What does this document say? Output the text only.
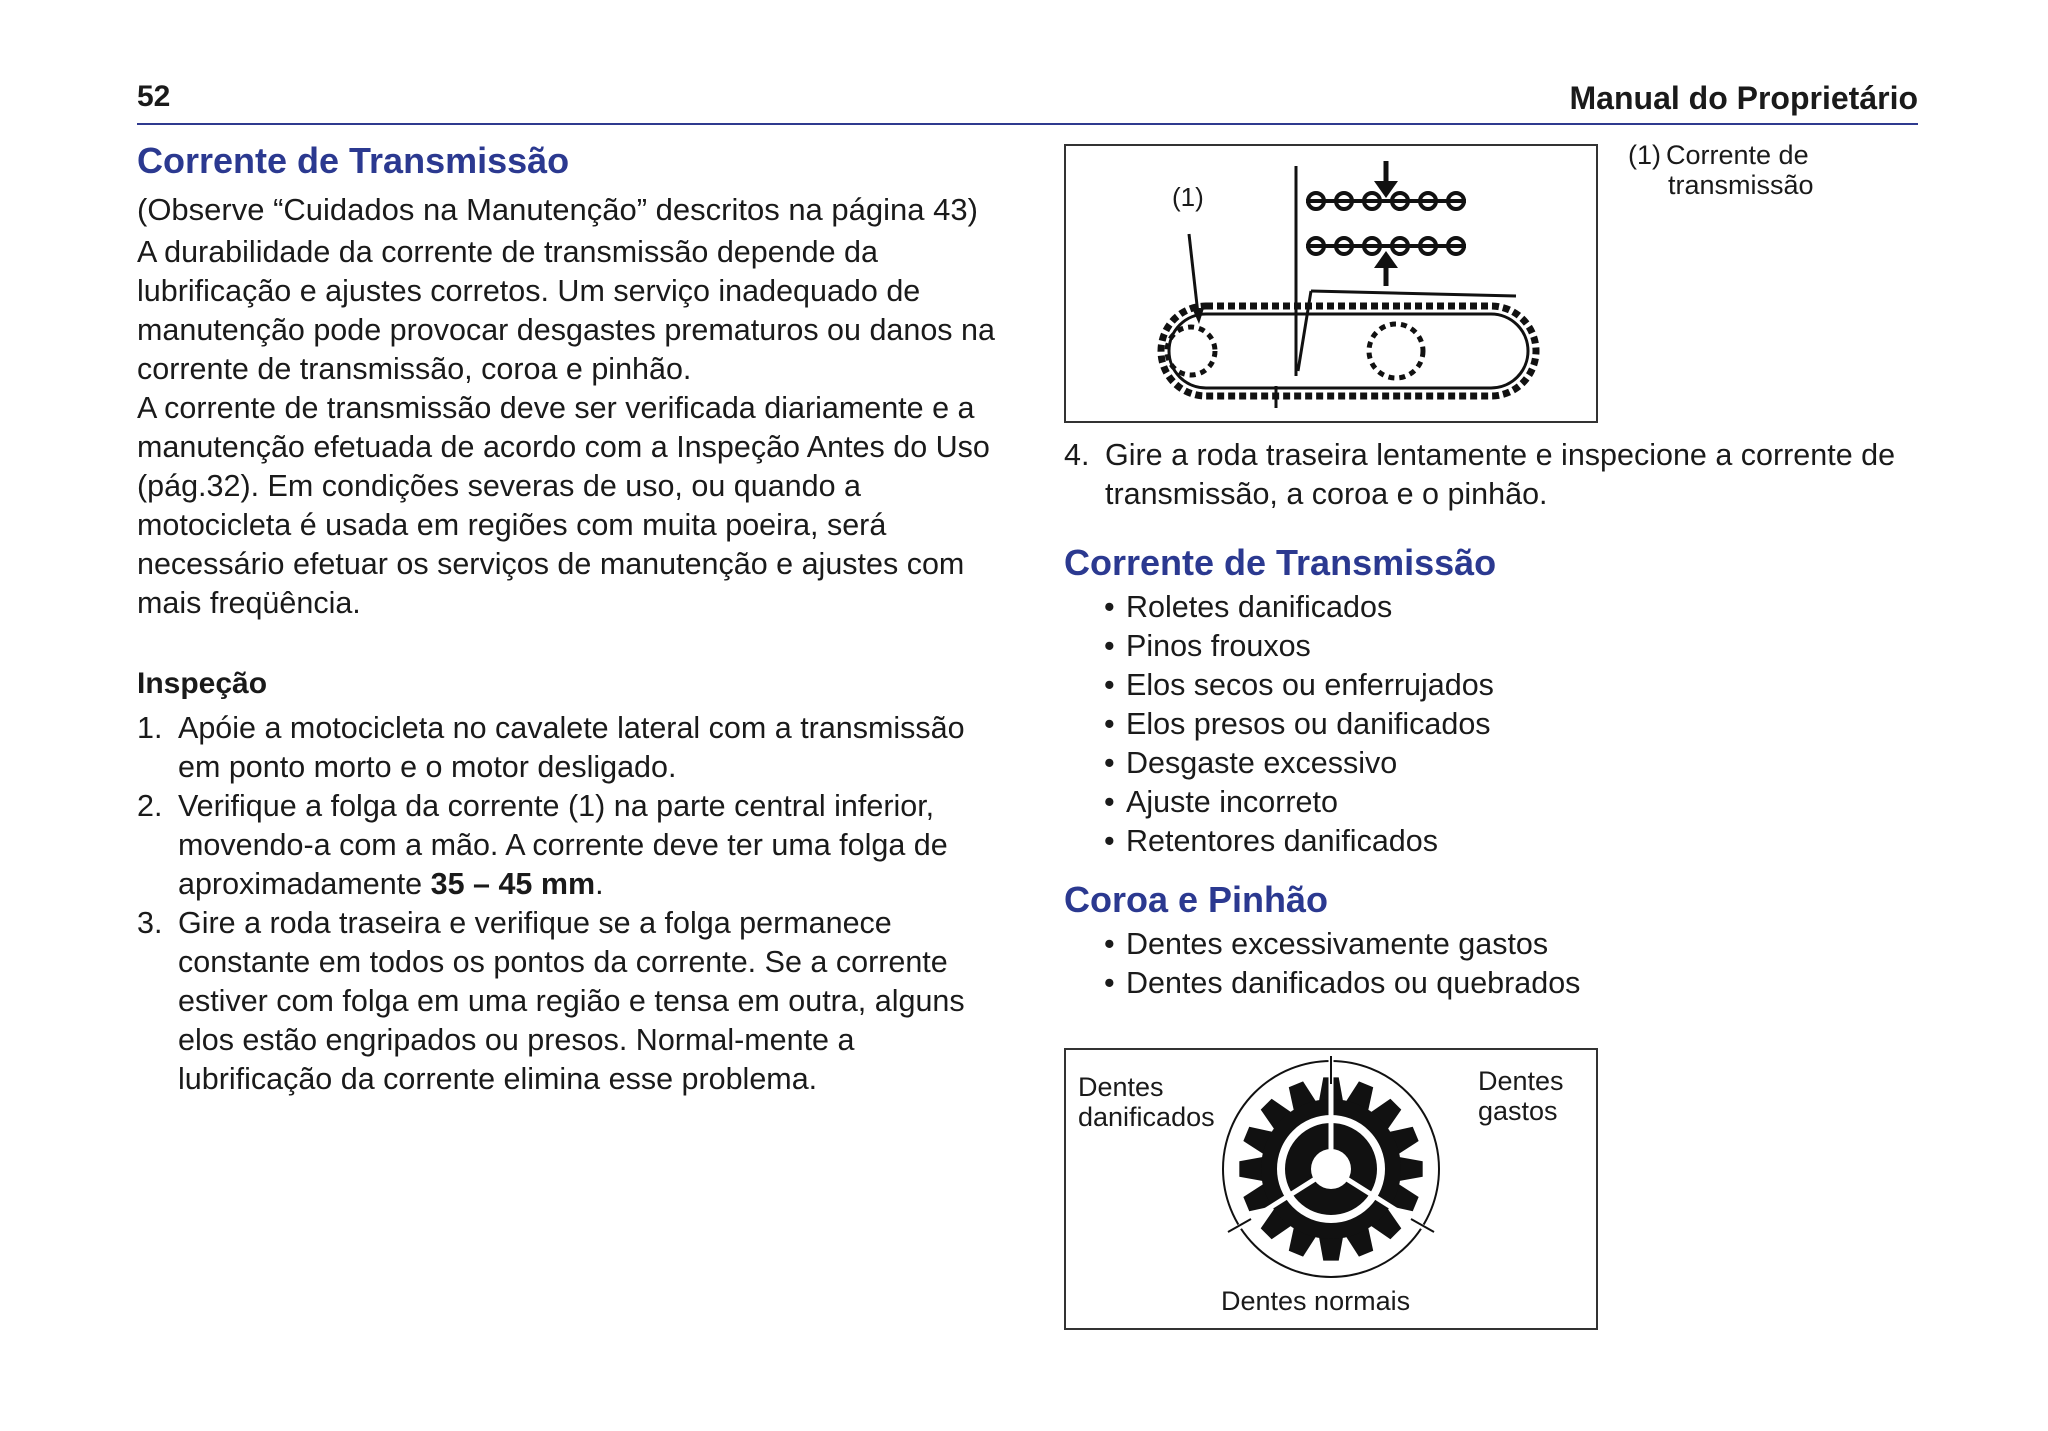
52	Manual do Proprietário
Corrente de Transmissão
(Observe “Cuidados na Manutenção” descritos na página 43)

A durabilidade da corrente de transmissão depende da lubrificação e ajustes corretos. Um serviço inadequado de manutenção pode provocar desgastes prematuros ou danos na corrente de transmissão, coroa e pinhão.

A corrente de transmissão deve ser verificada diariamente e a manutenção efetuada de acordo com a Inspeção Antes do Uso (pág.32). Em condições severas de uso, ou quando a motocicleta é usada em regiões com muita poeira, será necessário efetuar os serviços de manutenção e ajustes com mais freqüência.

Inspeção
1. Apóie a motocicleta no cavalete lateral com a transmissão em ponto morto e o motor desligado.
2. Verifique a folga da corrente (1) na parte central inferior, movendo-a com a mão. A corrente deve ter uma folga de aproximadamente 35 – 45 mm.
3. Gire a roda traseira e verifique se a folga permanece constante em todos os pontos da corrente. Se a corrente estiver com folga em uma região e tensa em outra, alguns elos estão engripados ou presos. Normal-mente a lubrificação da corrente elimina esse problema.
(1)
(1) Corrente de
transmissão
4. Gire a roda traseira lentamente e inspecione a corrente de transmissão, a coroa e o pinhão.
Corrente de Transmissão
• Roletes danificados
• Pinos frouxos
• Elos secos ou enferrujados
• Elos presos ou danificados
• Desgaste excessivo
• Ajuste incorreto
• Retentores danificados
Coroa e Pinhão
• Dentes excessivamente gastos
• Dentes danificados ou quebrados
Dentes
danificados
Dentes
gastos
Dentes normais
